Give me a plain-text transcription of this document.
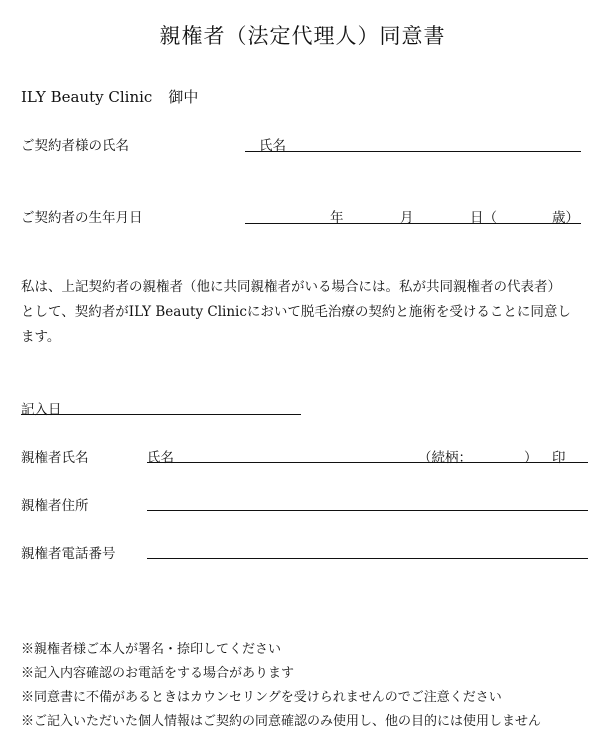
親権者（法定代理人）同意書
ILY Beauty Clinic 御中
ご契約者様の氏名	氏名
ご契約者の生年月日	年	月	日（	歳）
私は、上記契約者の親権者（他に共同親権者がいる場合には。私が共同親権者の代表者）
として、契約者がILY Beauty Clinicにおいて脱毛治療の契約と施術を受けることに同意し
ます。
記入日
親権者氏名	氏名	（続柄：	） 印
親権者住所
親権者電話番号
※親権者様ご本人が署名・捺印してください
※記入内容確認のお電話をする場合があります
※同意書に不備があるときはカウンセリングを受けられませんのでご注意ください
※ご記入いただいた個人情報はご契約の同意確認のみ使用し、他の目的には使用しません
